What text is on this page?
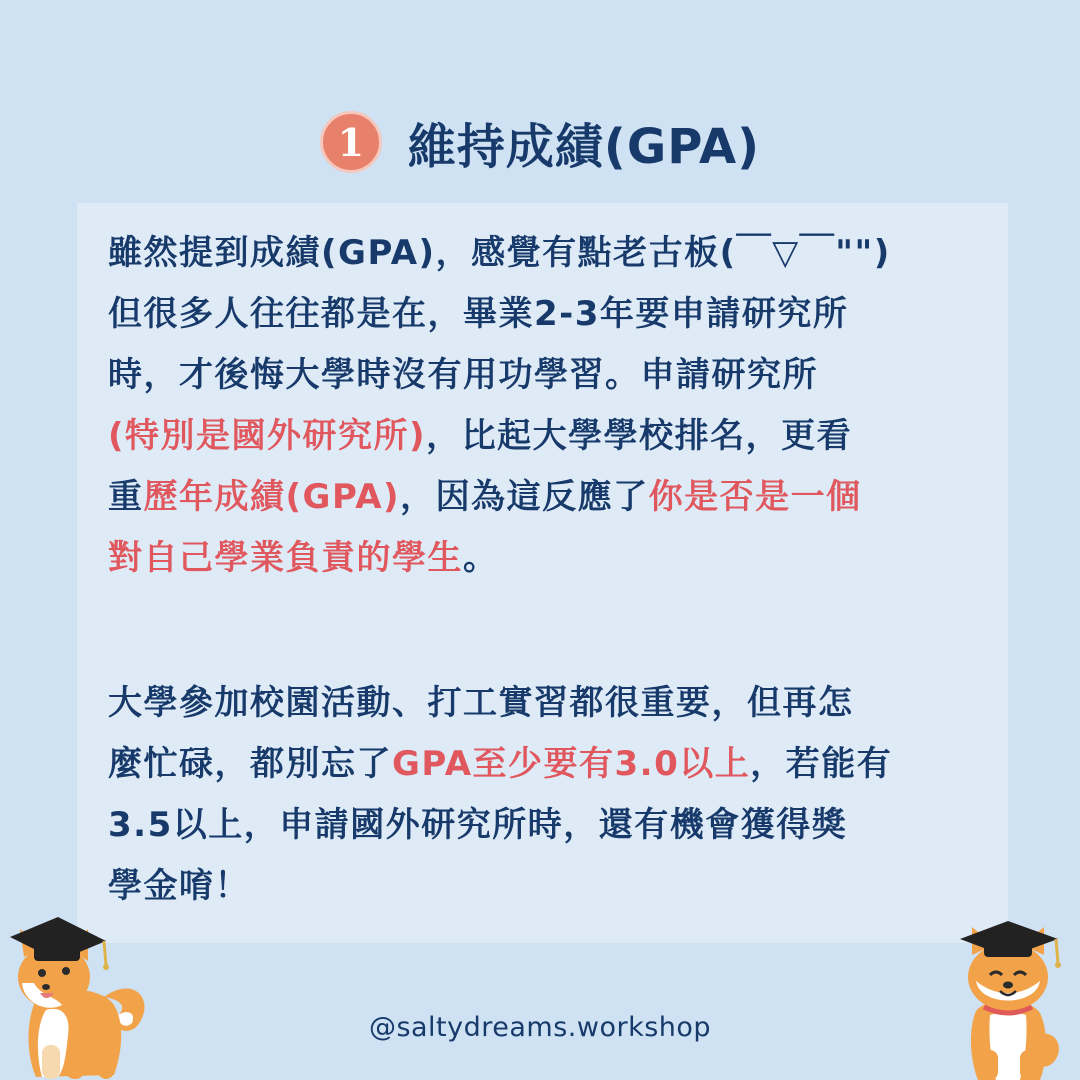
1 維持成績(GPA)
雖然提到成績(GPA)，感覺有點老古板(￣▽￣"")
但很多人往往都是在，畢業2-3年要申請研究所
時，才後悔大學時沒有用功學習。申請研究所
(特別是國外研究所)，比起大學學校排名，更看
重歷年成績(GPA)，因為這反應了你是否是一個
對自己學業負責的學生。
大學參加校園活動、打工實習都很重要，但再怎
麼忙碌，都別忘了GPA至少要有3.0以上，若能有
3.5以上，申請國外研究所時，還有機會獲得獎
學金唷！
@saltydreams.workshop
